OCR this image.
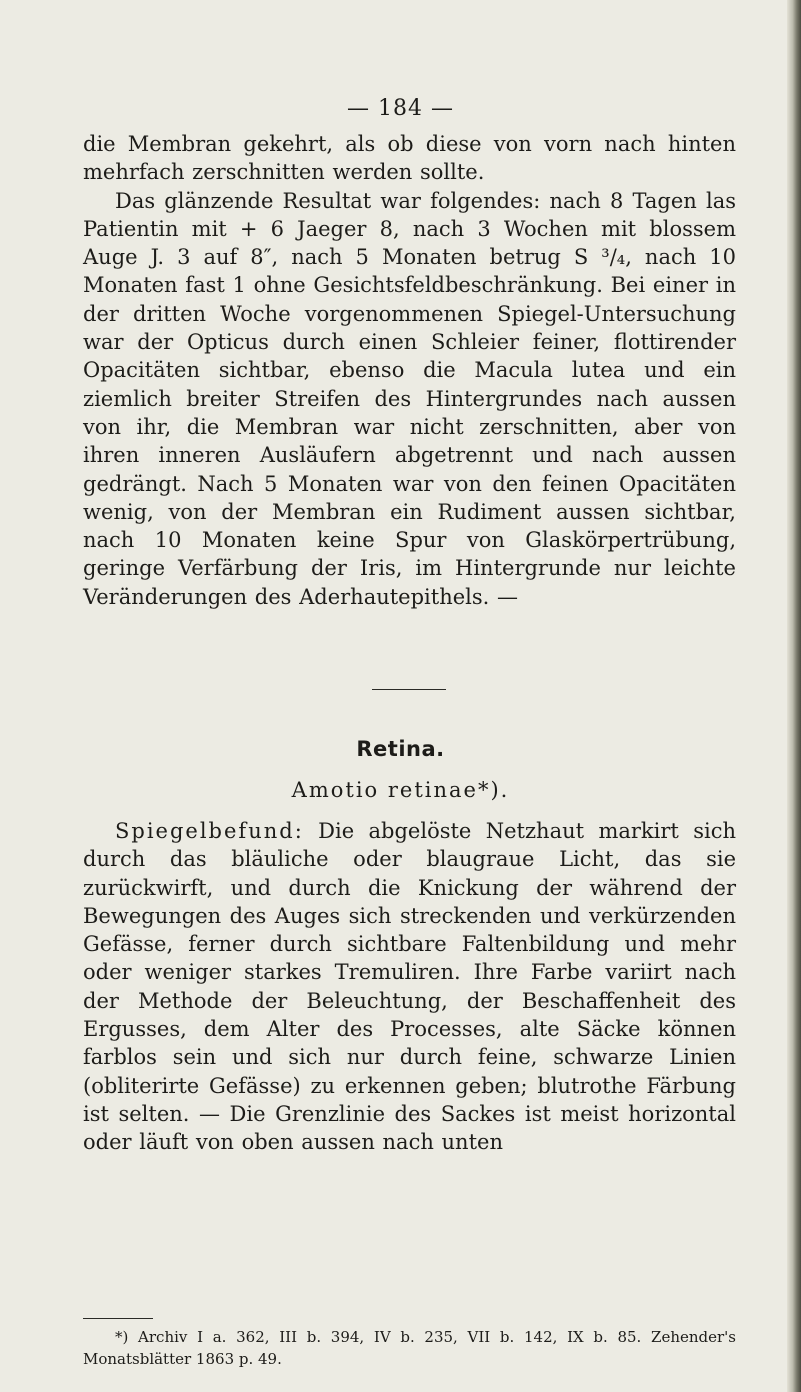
— 184 —

die Membran gekehrt, als ob diese von vorn nach hinten mehrfach zerschnitten werden sollte.

Das glänzende Resultat war folgendes: nach 8 Tagen las Patientin mit + 6 Jaeger 8, nach 3 Wochen mit blossem Auge J. 3 auf 8″, nach 5 Monaten betrug S ³/₄, nach 10 Monaten fast 1 ohne Gesichtsfeldbeschränkung. Bei einer in der dritten Woche vorgenommenen Spiegel-Untersuchung war der Opticus durch einen Schleier feiner, flottirender Opacitäten sichtbar, ebenso die Macula lutea und ein ziemlich breiter Streifen des Hintergrundes nach aussen von ihr, die Membran war nicht zerschnitten, aber von ihren inneren Ausläufern abgetrennt und nach aussen gedrängt. Nach 5 Monaten war von den feinen Opacitäten wenig, von der Membran ein Rudiment aussen sichtbar, nach 10 Monaten keine Spur von Glaskörpertrübung, geringe Verfärbung der Iris, im Hintergrunde nur leichte Veränderungen des Aderhautepithels. —

Retina.
Amotio retinae*).

Spiegelbefund: Die abgelöste Netzhaut markirt sich durch das bläuliche oder blaugraue Licht, das sie zurückwirft, und durch die Knickung der während der Bewegungen des Auges sich streckenden und verkürzenden Gefässe, ferner durch sichtbare Faltenbildung und mehr oder weniger starkes Tremuliren. Ihre Farbe variirt nach der Methode der Beleuchtung, der Beschaffenheit des Ergusses, dem Alter des Processes, alte Säcke können farblos sein und sich nur durch feine, schwarze Linien (obliterirte Gefässe) zu erkennen geben; blutrothe Färbung ist selten. — Die Grenzlinie des Sackes ist meist horizontal oder läuft von oben aussen nach unten

*) Archiv I a. 362, III b. 394, IV b. 235, VII b. 142, IX b. 85. Zehender's Monatsblätter 1863 p. 49.
